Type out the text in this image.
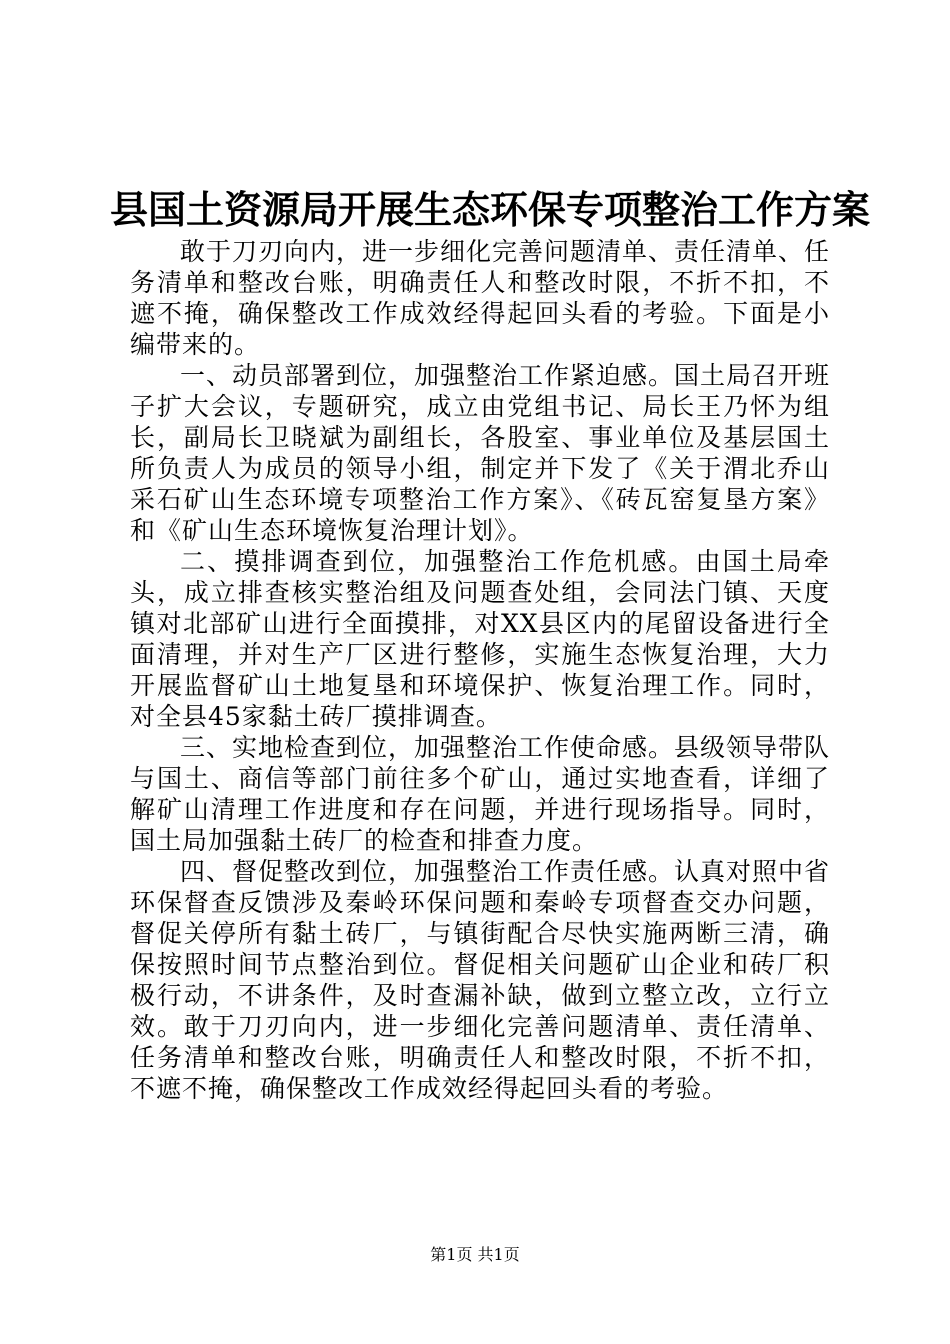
县国土资源局开展生态环保专项整治工作方案

敢于刀刃向内，进一步细化完善问题清单、责任清单、任务清单和整改台账，明确责任人和整改时限，不折不扣，不遮不掩，确保整改工作成效经得起回头看的考验。下面是小编带来的。

一、动员部署到位，加强整治工作紧迫感。国土局召开班子扩大会议，专题研究，成立由党组书记、局长王乃怀为组长，副局长卫晓斌为副组长，各股室、事业单位及基层国土所负责人为成员的领导小组，制定并下发了《关于渭北乔山采石矿山生态环境专项整治工作方案》、《砖瓦窑复垦方案》和《矿山生态环境恢复治理计划》。

二、摸排调查到位，加强整治工作危机感。由国土局牵头，成立排查核实整治组及问题查处组，会同法门镇、天度镇对北部矿山进行全面摸排，对XX县区内的尾留设备进行全面清理，并对生产厂区进行整修，实施生态恢复治理，大力开展监督矿山土地复垦和环境保护、恢复治理工作。同时，对全县45家黏土砖厂摸排调查。

三、实地检查到位，加强整治工作使命感。县级领导带队与国土、商信等部门前往多个矿山，通过实地查看，详细了解矿山清理工作进度和存在问题，并进行现场指导。同时，国土局加强黏土砖厂的检查和排查力度。

四、督促整改到位，加强整治工作责任感。认真对照中省环保督查反馈涉及秦岭环保问题和秦岭专项督查交办问题，督促关停所有黏土砖厂，与镇街配合尽快实施两断三清，确保按照时间节点整治到位。督促相关问题矿山企业和砖厂积极行动，不讲条件，及时查漏补缺，做到立整立改，立行立效。敢于刀刃向内，进一步细化完善问题清单、责任清单、任务清单和整改台账，明确责任人和整改时限，不折不扣，不遮不掩，确保整改工作成效经得起回头看的考验。

第1页 共1页
